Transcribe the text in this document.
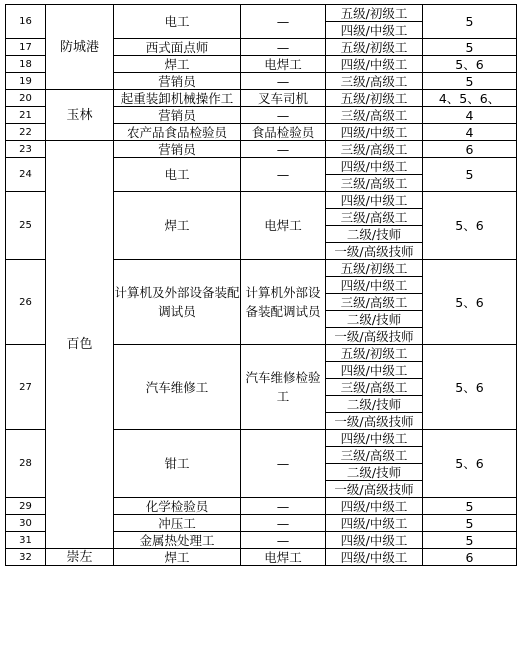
16	防城港	电工	—	五级/初级工	5
				四级/中级工	
17		西式面点师	—	五级/初级工	5
18		焊工	电焊工	四级/中级工	5、6
19		营销员	—	三级/高级工	5
20	玉林	起重装卸机械操作工	叉车司机	五级/初级工	4、5、6、
21		营销员	—	三级/高级工	4
22		农产品食品检验员	食品检验员	四级/中级工	4
23	百色	营销员	—	三级/高级工	6
24		电工	—	四级/中级工	5
				三级/高级工	
25		焊工	电焊工	四级/中级工	5、6
				三级/高级工	
				二级/技师	
				一级/高级技师	
26		计算机及外部设备装配调试员	计算机外部设备装配调试员	五级/初级工	5、6
				四级/中级工	
				三级/高级工	
				二级/技师	
				一级/高级技师	
27		汽车维修工	汽车维修检验工	五级/初级工	5、6
				四级/中级工	
				三级/高级工	
				二级/技师	
				一级/高级技师	
28		钳工	—	四级/中级工	5、6
				三级/高级工	
				二级/技师	
				一级/高级技师	
29		化学检验员	—	四级/中级工	5
30		冲压工	—	四级/中级工	5
31		金属热处理工	—	四级/中级工	5
32	崇左	焊工	电焊工	四级/中级工	6
